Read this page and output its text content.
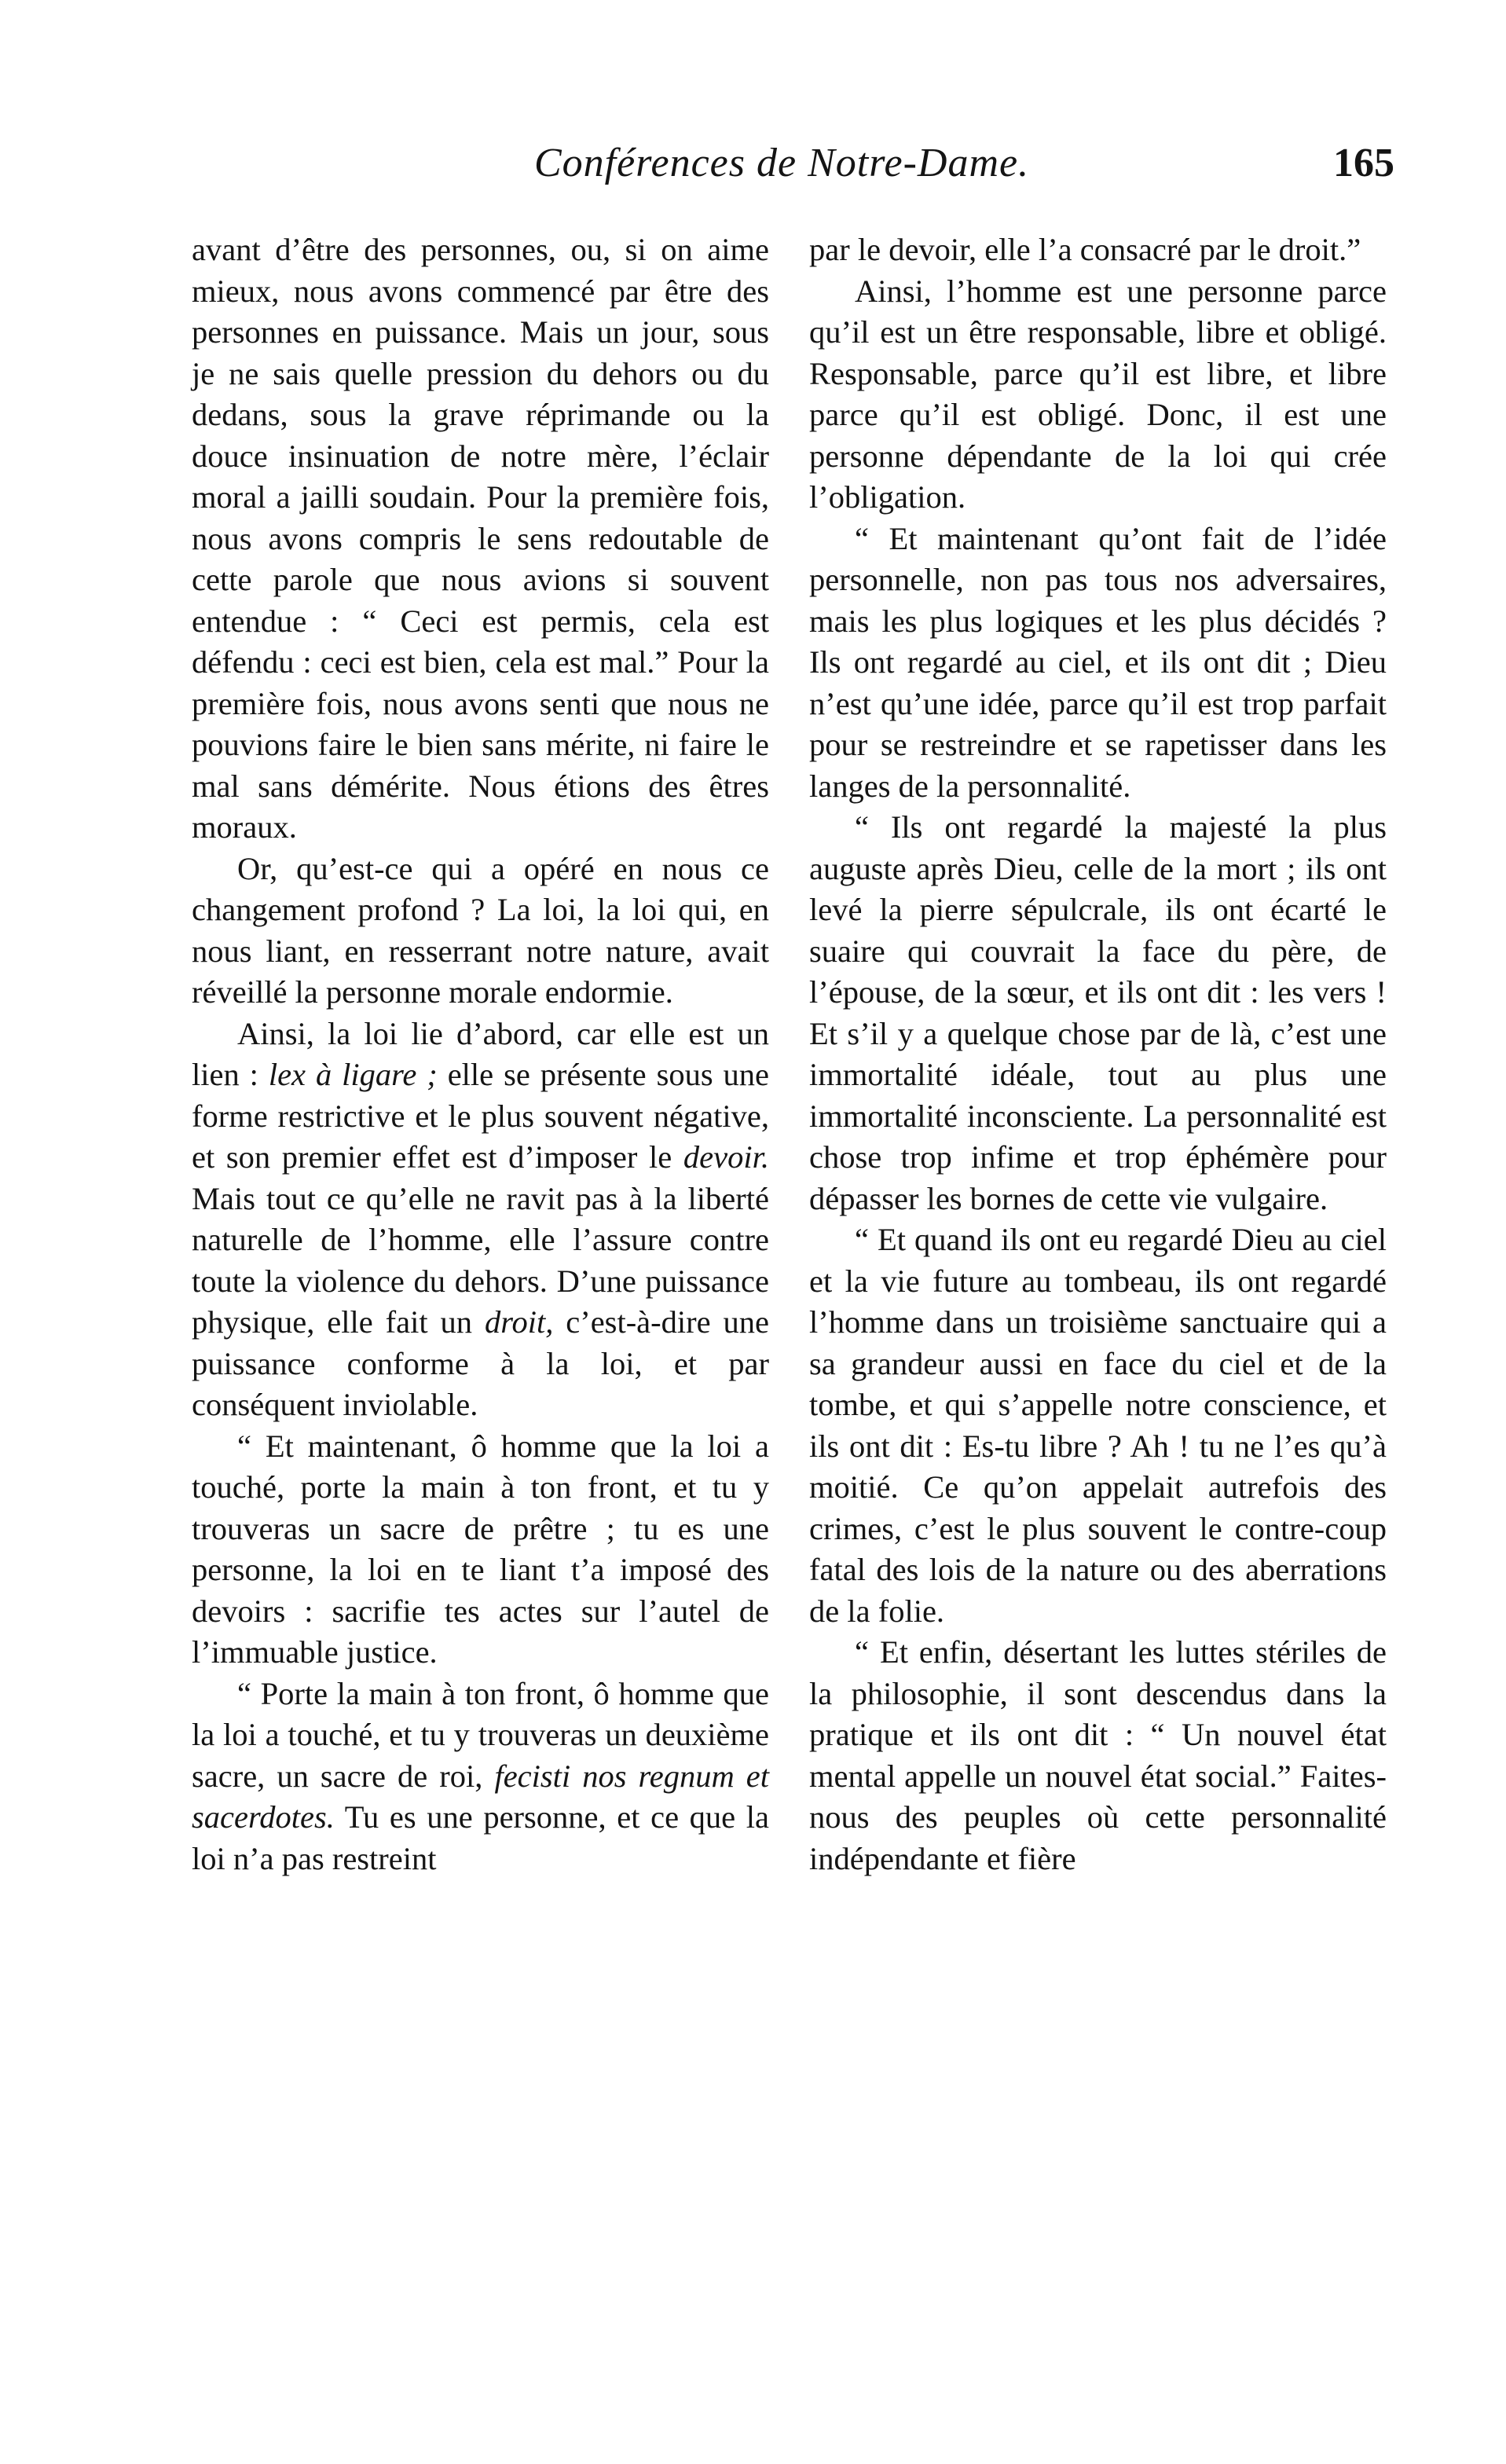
Conférences de Notre-Dame.	165

avant d’être des personnes, ou, si on aime mieux, nous avons commencé par être des personnes en puissance. Mais un jour, sous je ne sais quelle pression du dehors ou du dedans, sous la grave réprimande ou la douce insinuation de notre mère, l’éclair moral a jailli soudain. Pour la première fois, nous avons compris le sens redoutable de cette parole que nous avions si souvent entendue : “ Ceci est permis, cela est défendu : ceci est bien, cela est mal.” Pour la première fois, nous avons senti que nous ne pouvions faire le bien sans mérite, ni faire le mal sans démérite. Nous étions des êtres moraux.

Or, qu’est-ce qui a opéré en nous ce changement profond ? La loi, la loi qui, en nous liant, en resserrant notre nature, avait réveillé la personne morale endormie.

Ainsi, la loi lie d’abord, car elle est un lien : lex à ligare ; elle se présente sous une forme restrictive et le plus souvent négative, et son premier effet est d’imposer le devoir. Mais tout ce qu’elle ne ravit pas à la liberté naturelle de l’homme, elle l’assure contre toute la violence du dehors. D’une puissance physique, elle fait un droit, c’est-à-dire une puissance conforme à la loi, et par conséquent inviolable.

“ Et maintenant, ô homme que la loi a touché, porte la main à ton front, et tu y trouveras un sacre de prêtre ; tu es une personne, la loi en te liant t’a imposé des devoirs : sacrifie tes actes sur l’autel de l’immuable justice.

“ Porte la main à ton front, ô homme que la loi a touché, et tu y trouveras un deuxième sacre, un sacre de roi, fecisti nos regnum et sacerdotes. Tu es une personne, et ce que la loi n’a pas restreint

par le devoir, elle l’a consacré par le droit.”

Ainsi, l’homme est une personne parce qu’il est un être responsable, libre et obligé. Responsable, parce qu’il est libre, et libre parce qu’il est obligé. Donc, il est une personne dépendante de la loi qui crée l’obligation.

“ Et maintenant qu’ont fait de l’idée personnelle, non pas tous nos adversaires, mais les plus logiques et les plus décidés ? Ils ont regardé au ciel, et ils ont dit ; Dieu n’est qu’une idée, parce qu’il est trop parfait pour se restreindre et se rapetisser dans les langes de la personnalité.

“ Ils ont regardé la majesté la plus auguste après Dieu, celle de la mort ; ils ont levé la pierre sépulcrale, ils ont écarté le suaire qui couvrait la face du père, de l’épouse, de la sœur, et ils ont dit : les vers ! Et s’il y a quelque chose par de là, c’est une immortalité idéale, tout au plus une immortalité inconsciente. La personnalité est chose trop infime et trop éphémère pour dépasser les bornes de cette vie vulgaire.

“ Et quand ils ont eu regardé Dieu au ciel et la vie future au tombeau, ils ont regardé l’homme dans un troisième sanctuaire qui a sa grandeur aussi en face du ciel et de la tombe, et qui s’appelle notre conscience, et ils ont dit : Es-tu libre ? Ah ! tu ne l’es qu’à moitié. Ce qu’on appelait autrefois des crimes, c’est le plus souvent le contre-coup fatal des lois de la nature ou des aberrations de la folie.

“ Et enfin, désertant les luttes stériles de la philosophie, il sont descendus dans la pratique et ils ont dit : “ Un nouvel état mental appelle un nouvel état social.” Faites-nous des peuples où cette personnalité indépendante et fière
